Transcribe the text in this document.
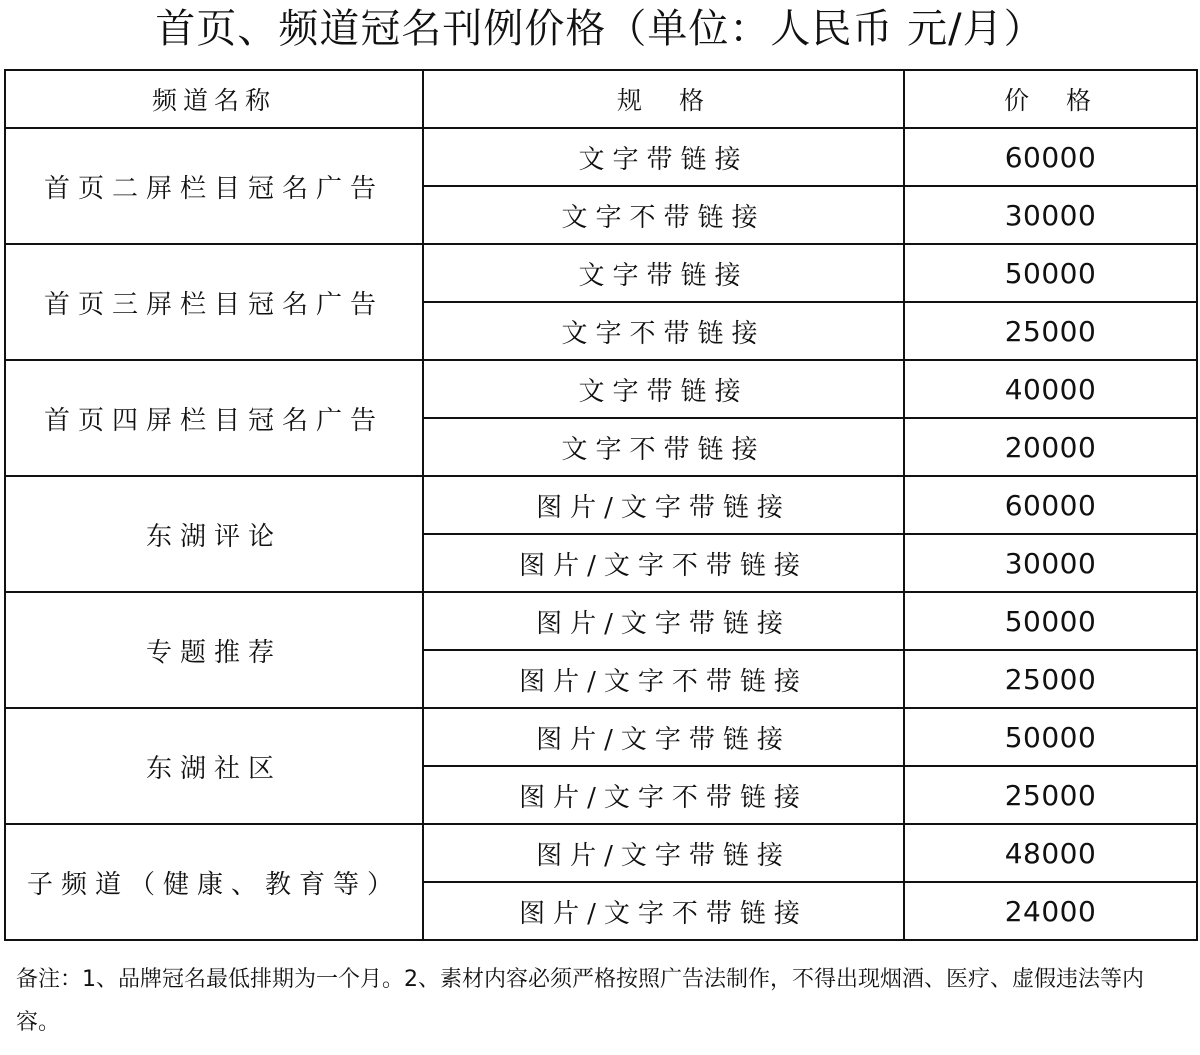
首页、频道冠名刊例价格（单位：人民币 元/月）
频道名称	规　格	价　格
首页二屏栏目冠名广告	文字带链接	60000
	文字不带链接	30000
首页三屏栏目冠名广告	文字带链接	50000
	文字不带链接	25000
首页四屏栏目冠名广告	文字带链接	40000
	文字不带链接	20000
东湖评论	图片/文字带链接	60000
	图片/文字不带链接	30000
专题推荐	图片/文字带链接	50000
	图片/文字不带链接	25000
东湖社区	图片/文字带链接	50000
	图片/文字不带链接	25000
子频道（健康、教育等）	图片/文字带链接	48000
	图片/文字不带链接	24000
备注：1、品牌冠名最低排期为一个月。2、素材内容必须严格按照广告法制作，不得出现烟酒、医疗、虚假违法等内容。
